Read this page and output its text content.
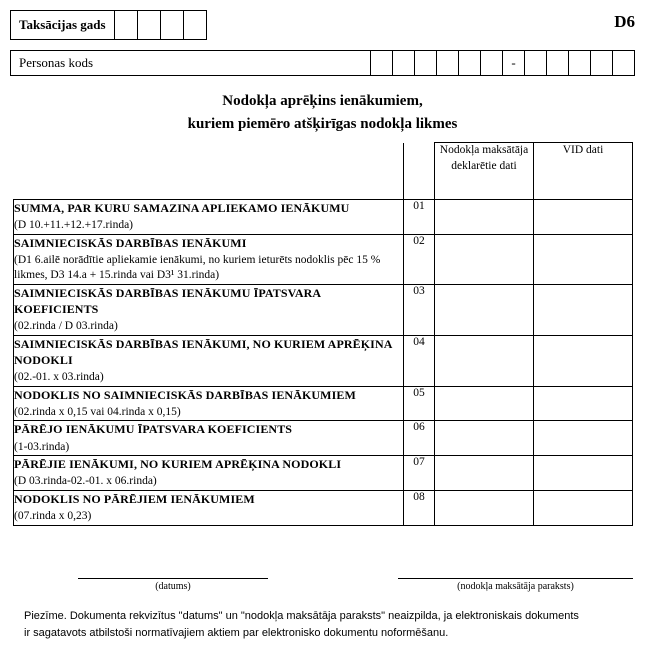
Taksācijas gads	D6
Personas kods	-
Nodokļa aprēķins ienākumiem,
kuriem piemēro atšķirīgas nodokļa likmes
		Nodokļa maksātāja deklarētie dati	VID dati

SUMMA, PAR KURU SAMAZINA APLIEKAMO IENĀKUMU
(D 10.+11.+12.+17.rinda)	01		

SAIMNIECISKĀS DARBĪBAS IENĀKUMI
(D1 6.ailē norādītie apliekamie ienākumi, no kuriem ieturēts nodoklis pēc 15 % likmes, D3 14.a + 15.rinda vai D3¹ 31.rinda)	02		

SAIMNIECISKĀS DARBĪBAS IENĀKUMU ĪPATSVARA KOEFICIENTS
(02.rinda / D 03.rinda)	03		

SAIMNIECISKĀS DARBĪBAS IENĀKUMI, NO KURIEM APRĒĶINA NODOKLI
(02.-01. x 03.rinda)	04		

NODOKLIS NO SAIMNIECISKĀS DARBĪBAS IENĀKUMIEM
(02.rinda x 0,15 vai 04.rinda x 0,15)	05		

PĀRĒJO IENĀKUMU ĪPATSVARA KOEFICIENTS
(1-03.rinda)	06		

PĀRĒJIE IENĀKUMI, NO KURIEM APRĒĶINA NODOKLI
(D 03.rinda-02.-01. x 06.rinda)	07		

NODOKLIS NO PĀRĒJIEM IENĀKUMIEM
(07.rinda x 0,23)	08		
(datums)	(nodokļa maksātāja paraksts)
Piezīme. Dokumenta rekvizītus "datums" un "nodokļa maksātāja paraksts" neaizpilda, ja elektroniskais dokuments
ir sagatavots atbilstoši normatīvajiem aktiem par elektronisko dokumentu noformēšanu.
